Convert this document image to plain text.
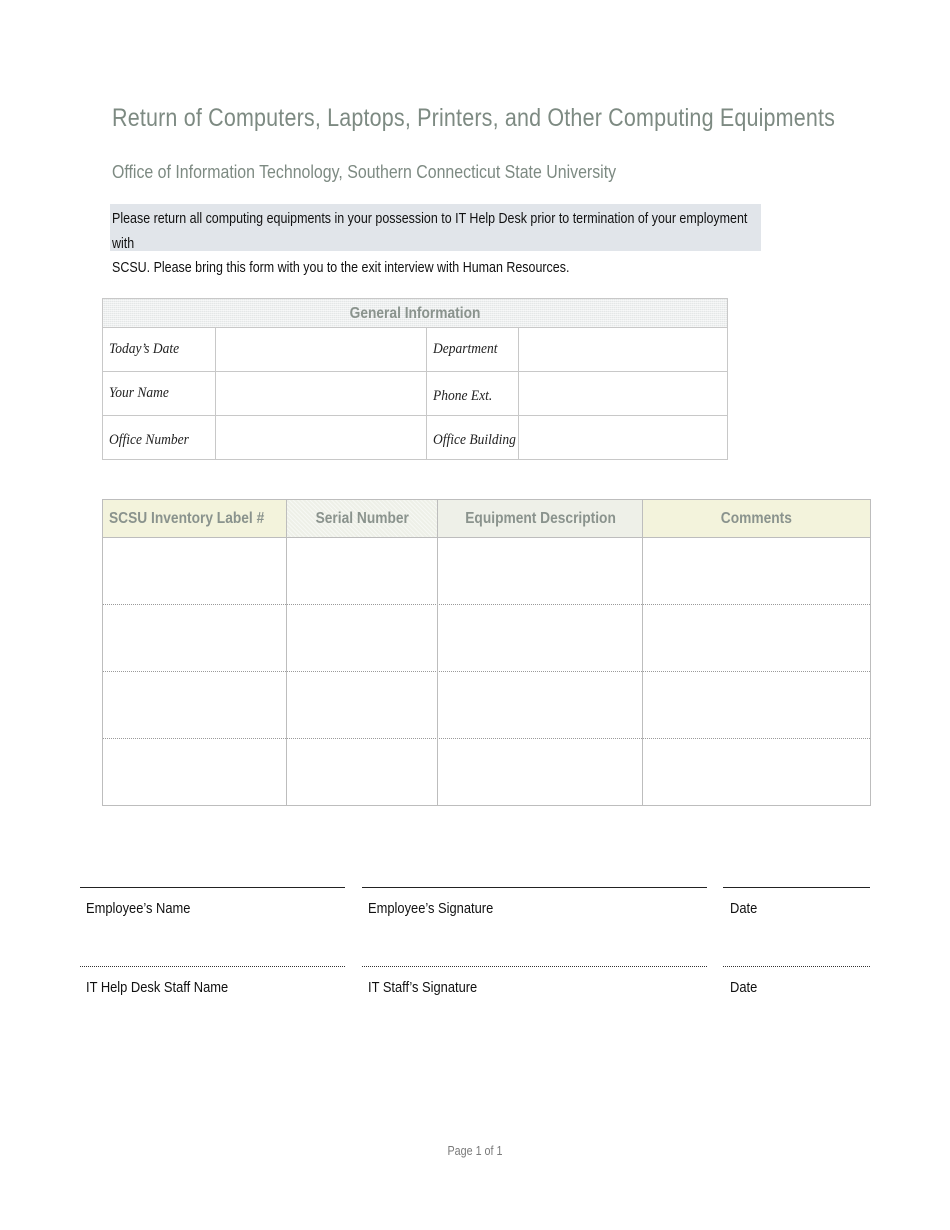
Return of Computers, Laptops, Printers, and Other Computing Equipments
Office of Information Technology, Southern Connecticut State University
Please return all computing equipments in your possession to IT Help Desk prior to termination of your employment with
SCSU. Please bring this form with you to the exit interview with Human Resources.
General Information
Today’s Date	Department
Your Name	Phone Ext.
Office Number	Office Building
SCSU Inventory Label #	Serial Number	Equipment Description	Comments
Employee’s Name	Employee’s Signature	Date
IT Help Desk Staff Name	IT Staff’s Signature	Date
Page 1 of 1
